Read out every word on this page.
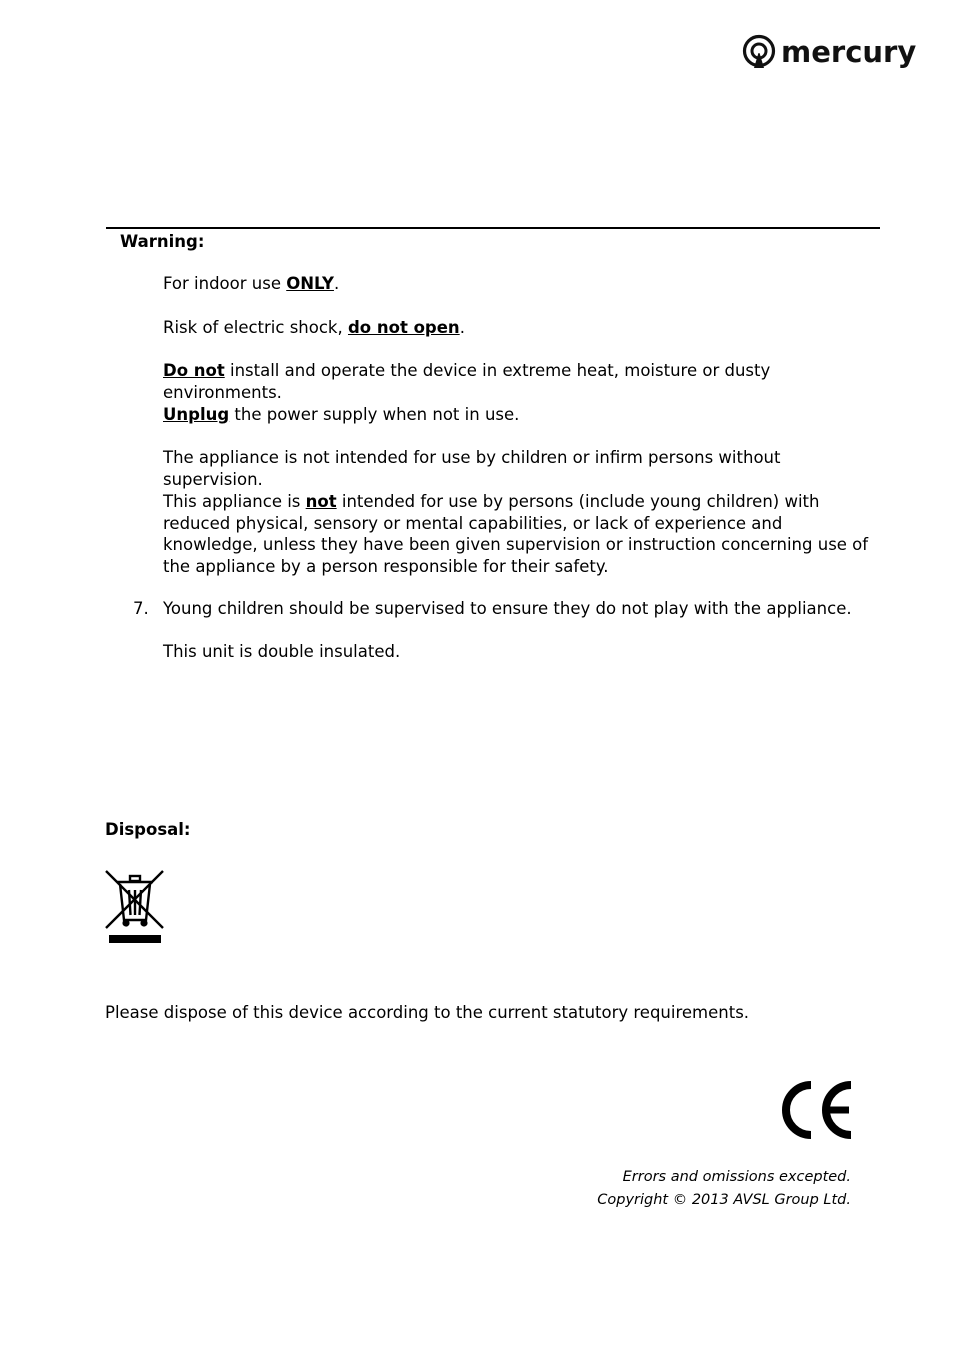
mercury
Warning:
For indoor use ONLY.
Risk of electric shock, do not open.
Do not install and operate the device in extreme heat, moisture or dusty environments.
Unplug the power supply when not in use.
The appliance is not intended for use by children or infirm persons without supervision.
This appliance is not intended for use by persons (include young children) with reduced physical, sensory or mental capabilities, or lack of experience and knowledge, unless they have been given supervision or instruction concerning use of the appliance by a person responsible for their safety.
7. Young children should be supervised to ensure they do not play with the appliance.
This unit is double insulated.
Disposal:
Please dispose of this device according to the current statutory requirements.
Errors and omissions excepted.
Copyright © 2013 AVSL Group Ltd.
